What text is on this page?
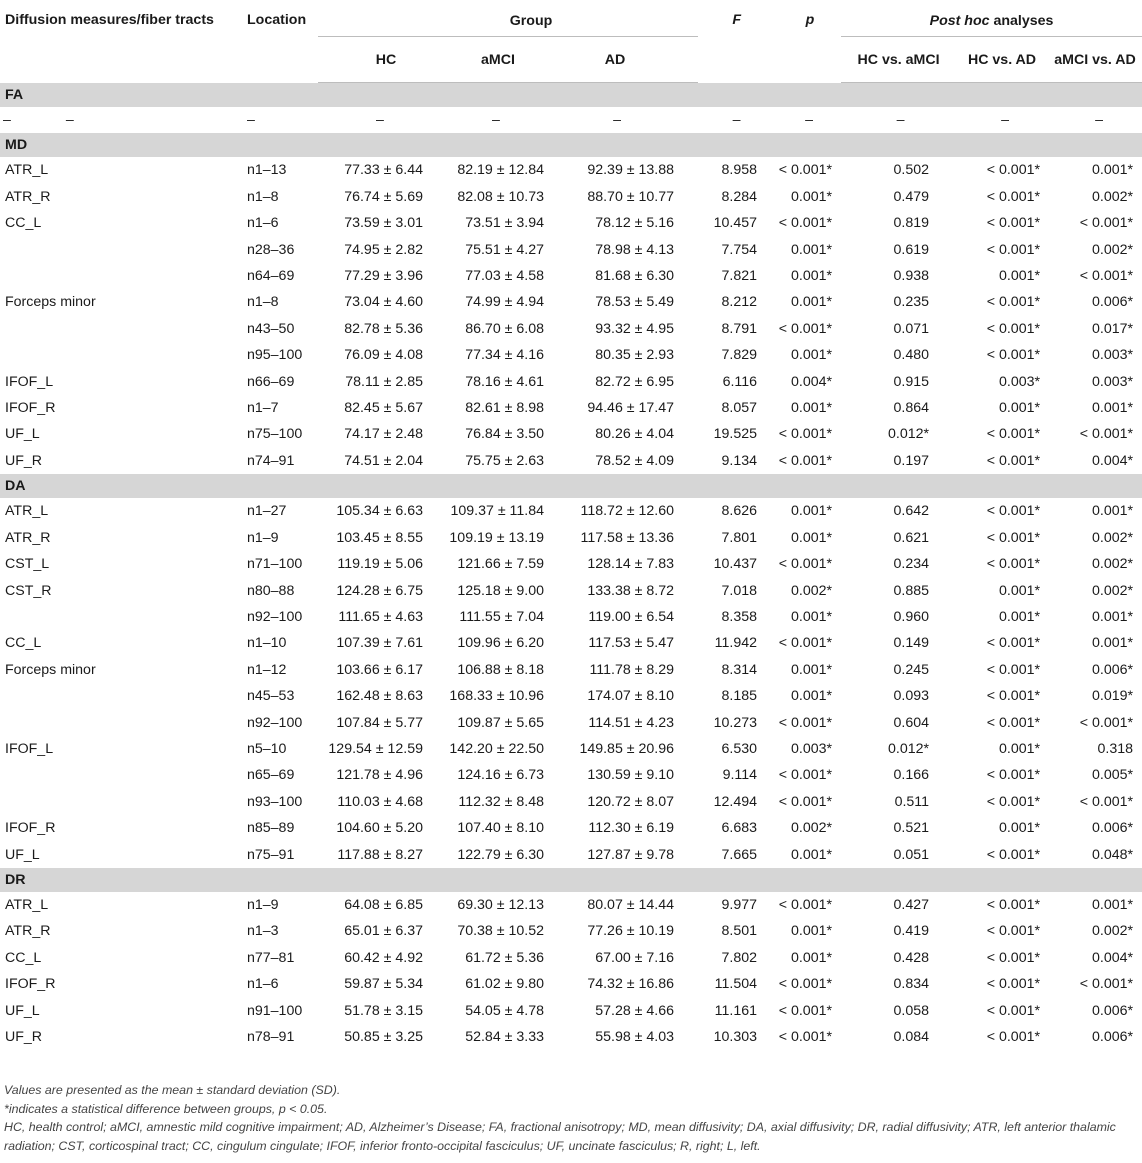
Diffusion measures/fiber tracts	Location	Group			F	p	Post hoc analyses		
		HC	aMCI	AD			HC vs. aMCI	HC vs. AD	aMCI vs. AD
FA									
– –	–	–	–	–	–	–	–	–	–
MD									
ATR_L	n1–13	77.33 ± 6.44	82.19 ± 12.84	92.39 ± 13.88	8.958	< 0.001*	0.502	< 0.001*	0.001*
ATR_R	n1–8	76.74 ± 5.69	82.08 ± 10.73	88.70 ± 10.77	8.284	0.001*	0.479	< 0.001*	0.002*
CC_L	n1–6	73.59 ± 3.01	73.51 ± 3.94	78.12 ± 5.16	10.457	< 0.001*	0.819	< 0.001*	< 0.001*
	n28–36	74.95 ± 2.82	75.51 ± 4.27	78.98 ± 4.13	7.754	0.001*	0.619	< 0.001*	0.002*
	n64–69	77.29 ± 3.96	77.03 ± 4.58	81.68 ± 6.30	7.821	0.001*	0.938	0.001*	< 0.001*
Forceps minor	n1–8	73.04 ± 4.60	74.99 ± 4.94	78.53 ± 5.49	8.212	0.001*	0.235	< 0.001*	0.006*
	n43–50	82.78 ± 5.36	86.70 ± 6.08	93.32 ± 4.95	8.791	< 0.001*	0.071	< 0.001*	0.017*
	n95–100	76.09 ± 4.08	77.34 ± 4.16	80.35 ± 2.93	7.829	0.001*	0.480	< 0.001*	0.003*
IFOF_L	n66–69	78.11 ± 2.85	78.16 ± 4.61	82.72 ± 6.95	6.116	0.004*	0.915	0.003*	0.003*
IFOF_R	n1–7	82.45 ± 5.67	82.61 ± 8.98	94.46 ± 17.47	8.057	0.001*	0.864	0.001*	0.001*
UF_L	n75–100	74.17 ± 2.48	76.84 ± 3.50	80.26 ± 4.04	19.525	< 0.001*	0.012*	< 0.001*	< 0.001*
UF_R	n74–91	74.51 ± 2.04	75.75 ± 2.63	78.52 ± 4.09	9.134	< 0.001*	0.197	< 0.001*	0.004*
DA									
ATR_L	n1–27	105.34 ± 6.63	109.37 ± 11.84	118.72 ± 12.60	8.626	0.001*	0.642	< 0.001*	0.001*
ATR_R	n1–9	103.45 ± 8.55	109.19 ± 13.19	117.58 ± 13.36	7.801	0.001*	0.621	< 0.001*	0.002*
CST_L	n71–100	119.19 ± 5.06	121.66 ± 7.59	128.14 ± 7.83	10.437	< 0.001*	0.234	< 0.001*	0.002*
CST_R	n80–88	124.28 ± 6.75	125.18 ± 9.00	133.38 ± 8.72	7.018	0.002*	0.885	0.001*	0.002*
	n92–100	111.65 ± 4.63	111.55 ± 7.04	119.00 ± 6.54	8.358	0.001*	0.960	0.001*	0.001*
CC_L	n1–10	107.39 ± 7.61	109.96 ± 6.20	117.53 ± 5.47	11.942	< 0.001*	0.149	< 0.001*	0.001*
Forceps minor	n1–12	103.66 ± 6.17	106.88 ± 8.18	111.78 ± 8.29	8.314	0.001*	0.245	< 0.001*	0.006*
	n45–53	162.48 ± 8.63	168.33 ± 10.96	174.07 ± 8.10	8.185	0.001*	0.093	< 0.001*	0.019*
	n92–100	107.84 ± 5.77	109.87 ± 5.65	114.51 ± 4.23	10.273	< 0.001*	0.604	< 0.001*	< 0.001*
IFOF_L	n5–10	129.54 ± 12.59	142.20 ± 22.50	149.85 ± 20.96	6.530	0.003*	0.012*	0.001*	0.318
	n65–69	121.78 ± 4.96	124.16 ± 6.73	130.59 ± 9.10	9.114	< 0.001*	0.166	< 0.001*	0.005*
	n93–100	110.03 ± 4.68	112.32 ± 8.48	120.72 ± 8.07	12.494	< 0.001*	0.511	< 0.001*	< 0.001*
IFOF_R	n85–89	104.60 ± 5.20	107.40 ± 8.10	112.30 ± 6.19	6.683	0.002*	0.521	0.001*	0.006*
UF_L	n75–91	117.88 ± 8.27	122.79 ± 6.30	127.87 ± 9.78	7.665	0.001*	0.051	< 0.001*	0.048*
DR									
ATR_L	n1–9	64.08 ± 6.85	69.30 ± 12.13	80.07 ± 14.44	9.977	< 0.001*	0.427	< 0.001*	0.001*
ATR_R	n1–3	65.01 ± 6.37	70.38 ± 10.52	77.26 ± 10.19	8.501	0.001*	0.419	< 0.001*	0.002*
CC_L	n77–81	60.42 ± 4.92	61.72 ± 5.36	67.00 ± 7.16	7.802	0.001*	0.428	< 0.001*	0.004*
IFOF_R	n1–6	59.87 ± 5.34	61.02 ± 9.80	74.32 ± 16.86	11.504	< 0.001*	0.834	< 0.001*	< 0.001*
UF_L	n91–100	51.78 ± 3.15	54.05 ± 4.78	57.28 ± 4.66	11.161	< 0.001*	0.058	< 0.001*	0.006*
UF_R	n78–91	50.85 ± 3.25	52.84 ± 3.33	55.98 ± 4.03	10.303	< 0.001*	0.084	< 0.001*	0.006*
Values are presented as the mean ± standard deviation (SD).
*indicates a statistical difference between groups, p < 0.05.
HC, health control; aMCI, amnestic mild cognitive impairment; AD, Alzheimer’s Disease; FA, fractional anisotropy; MD, mean diffusivity; DA, axial diffusivity; DR, radial diffusivity; ATR, left anterior thalamic radiation; CST, corticospinal tract; CC, cingulum cingulate; IFOF, inferior fronto-occipital fasciculus; UF, uncinate fasciculus; R, right; L, left.
